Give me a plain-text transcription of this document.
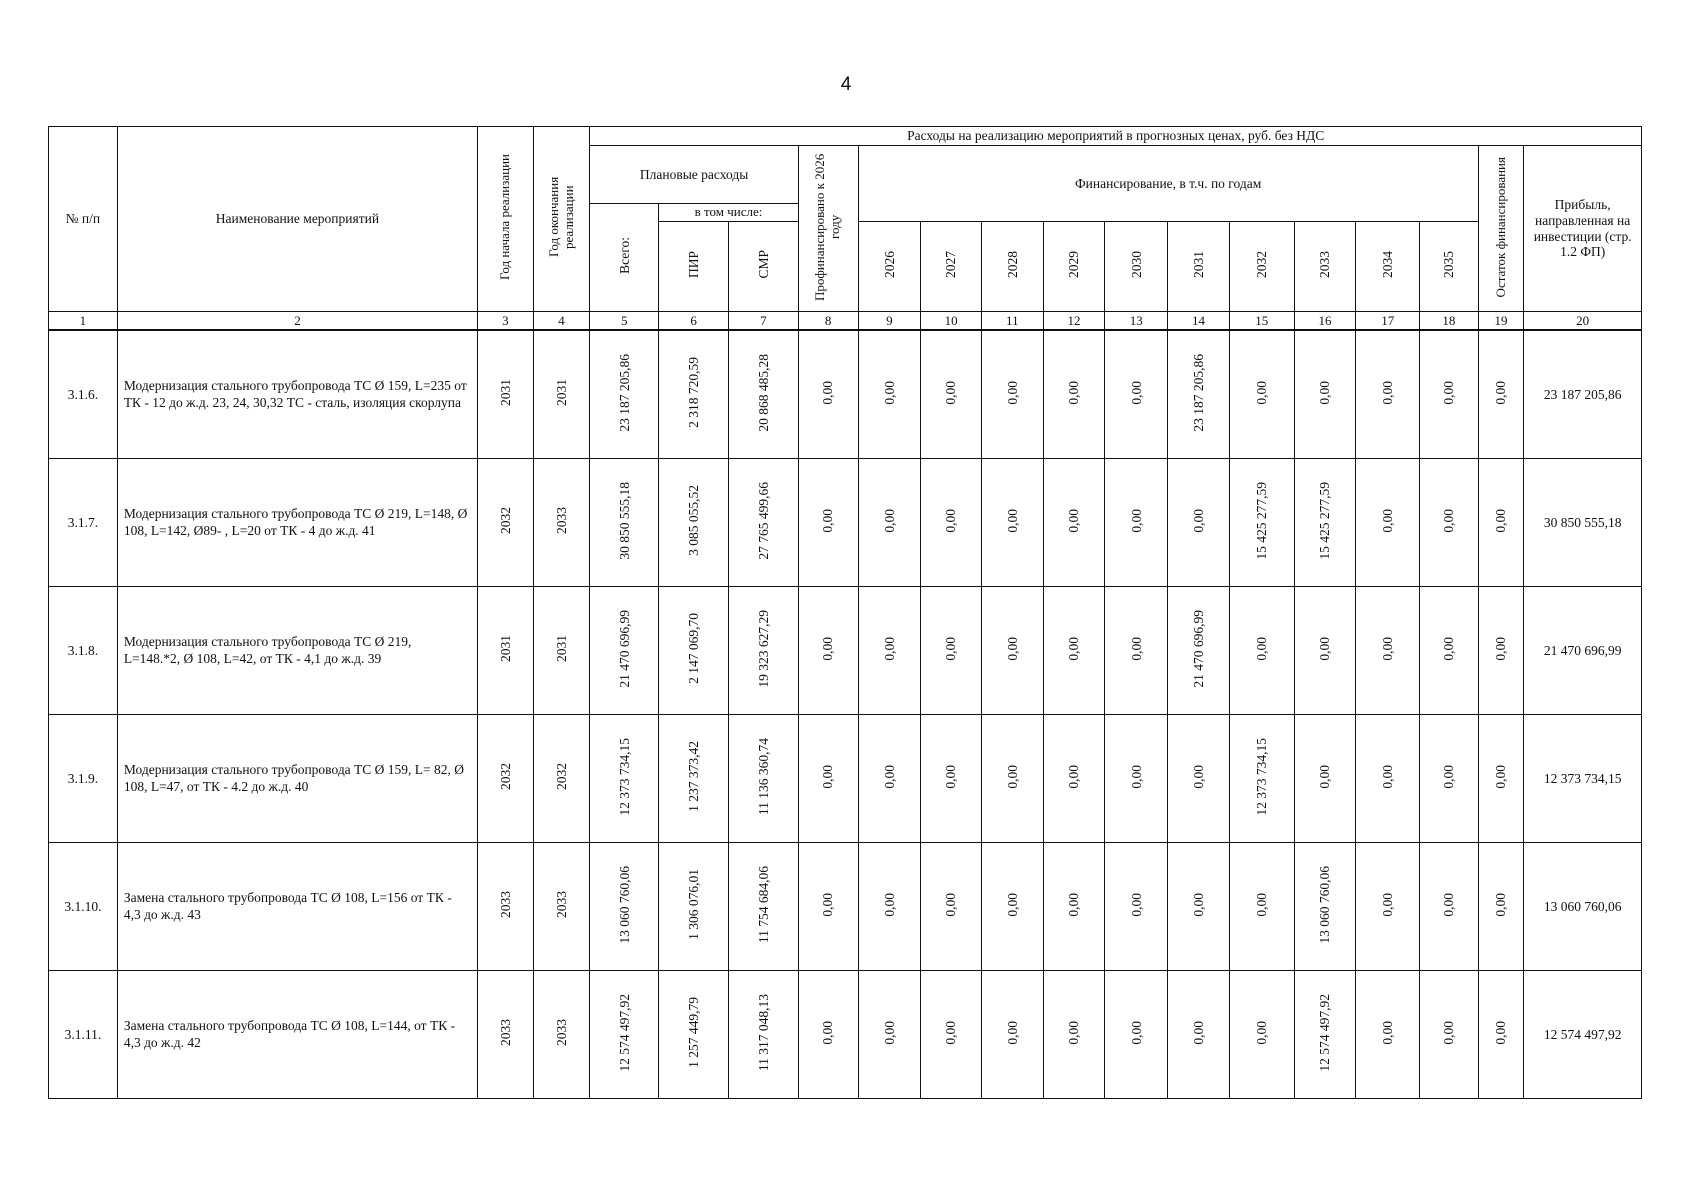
4
№ п/п	Наименование мероприятий	Год начала реализации	Год окончания реализации	Расходы на реализацию мероприятий в прогнозных ценах, руб. без НДС															
				Плановые расходы			Профинансировано к 2026 году	Финансирование, в т.ч. по годам										Остаток финансирования	Прибыль, направленная на инвестиции (стр. 1.2 ФП)
				Всего:	в том числе:														
					ПИР	СМР		2026	2027	2028	2029	2030	2031	2032	2033	2034	2035		
1	2	3	4	5	6	7	8	9	10	11	12	13	14	15	16	17	18	19	20
3.1.6.	Модернизация стального трубопровода ТС Ø 159, L=235 от ТК - 12 до ж.д. 23, 24, 30,32 ТС - сталь, изоляция скорлупа	2031	2031	23 187 205,86	2 318 720,59	20 868 485,28	0,00	0,00	0,00	0,00	0,00	0,00	23 187 205,86	0,00	0,00	0,00	0,00	0,00	23 187 205,86
3.1.7.	Модернизация стального трубопровода ТС Ø 219, L=148, Ø 108, L=142, Ø89- , L=20 от ТК - 4 до ж.д. 41	2032	2033	30 850 555,18	3 085 055,52	27 765 499,66	0,00	0,00	0,00	0,00	0,00	0,00	0,00	15 425 277,59	15 425 277,59	0,00	0,00	0,00	30 850 555,18
3.1.8.	Модернизация стального трубопровода ТС Ø 219, L=148.*2, Ø 108, L=42, от ТК - 4,1 до ж.д. 39	2031	2031	21 470 696,99	2 147 069,70	19 323 627,29	0,00	0,00	0,00	0,00	0,00	0,00	21 470 696,99	0,00	0,00	0,00	0,00	0,00	21 470 696,99
3.1.9.	Модернизация стального трубопровода ТС Ø 159, L= 82, Ø 108, L=47, от ТК - 4.2 до ж.д. 40	2032	2032	12 373 734,15	1 237 373,42	11 136 360,74	0,00	0,00	0,00	0,00	0,00	0,00	0,00	12 373 734,15	0,00	0,00	0,00	0,00	12 373 734,15
3.1.10.	Замена стального трубопровода ТС Ø 108, L=156 от ТК - 4,3 до ж.д. 43	2033	2033	13 060 760,06	1 306 076,01	11 754 684,06	0,00	0,00	0,00	0,00	0,00	0,00	0,00	0,00	13 060 760,06	0,00	0,00	0,00	13 060 760,06
3.1.11.	Замена стального трубопровода ТС Ø 108, L=144, от ТК - 4,3 до ж.д. 42	2033	2033	12 574 497,92	1 257 449,79	11 317 048,13	0,00	0,00	0,00	0,00	0,00	0,00	0,00	0,00	12 574 497,92	0,00	0,00	0,00	12 574 497,92
